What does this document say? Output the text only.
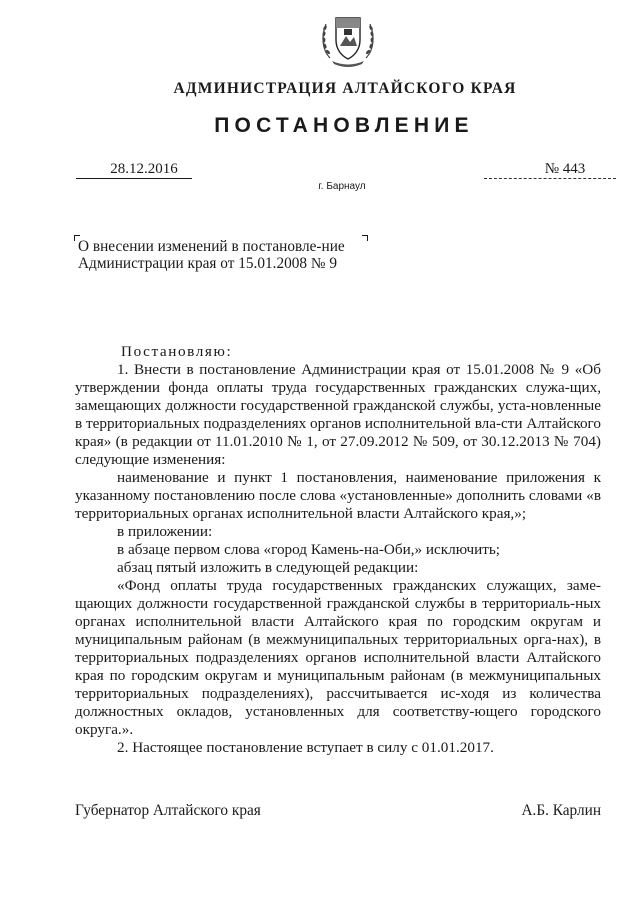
АДМИНИСТРАЦИЯ АЛТАЙСКОГО КРАЯ
ПОСТАНОВЛЕНИЕ
28.12.2016	№ 443
г. Барнаул
О внесении изменений в постановле-ние Администрации края от 15.01.2008 № 9

Постановляю:

1. Внести в постановление Администрации края от 15.01.2008 № 9 «Об утверждении фонда оплаты труда государственных гражданских служа-щих, замещающих должности государственной гражданской службы, уста-новленные в территориальных подразделениях органов исполнительной вла-сти Алтайского края» (в редакции от 11.01.2010 № 1, от 27.09.2012 № 509, от 30.12.2013 № 704) следующие изменения:

наименование и пункт 1 постановления, наименование приложения к указанному постановлению после слова «установленные» дополнить словами «в территориальных органах исполнительной власти Алтайского края,»;

в приложении:

в абзаце первом слова «город Камень-на-Оби,» исключить;

абзац пятый изложить в следующей редакции:

«Фонд оплаты труда государственных гражданских служащих, заме-щающих должности государственной гражданской службы в территориаль-ных органах исполнительной власти Алтайского края по городским округам и муниципальным районам (в межмуниципальных территориальных орга-нах), в территориальных подразделениях органов исполнительной власти Алтайского края по городским округам и муниципальным районам (в межмуниципальных территориальных подразделениях), рассчитывается ис-ходя из количества должностных окладов, установленных для соответству-ющего городского округа.».

2. Настоящее постановление вступает в силу с 01.01.2017.

Губернатор Алтайского края	А.Б. Карлин
